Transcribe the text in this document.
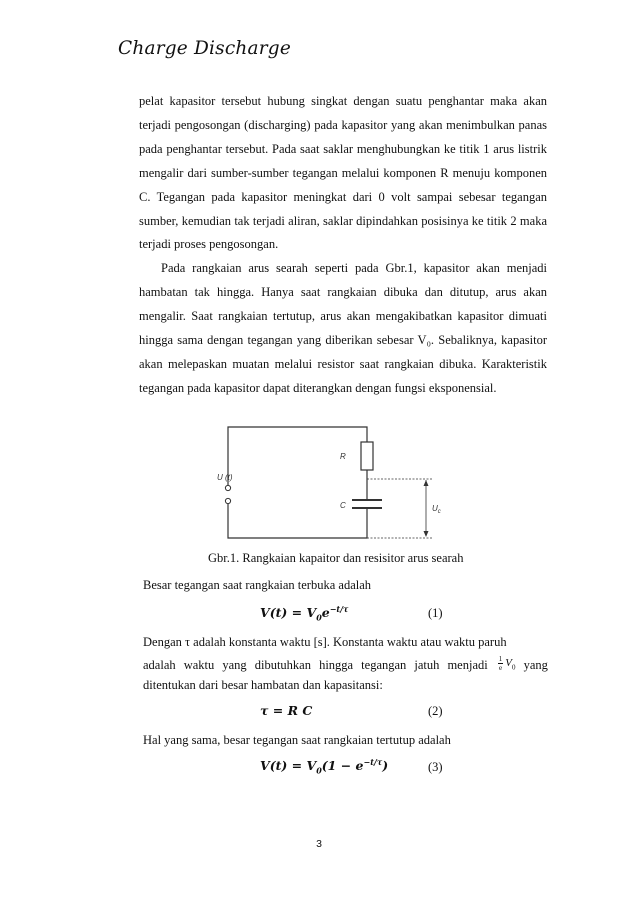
Charge Discharge

pelat kapasitor tersebut hubung singkat dengan suatu penghantar maka akan terjadi pengosongan (discharging) pada kapasitor yang akan menimbulkan panas pada penghantar tersebut. Pada saat saklar menghubungkan ke titik 1 arus listrik mengalir dari sumber-sumber tegangan melalui komponen R menuju komponen C. Tegangan pada kapasitor meningkat dari 0 volt sampai sebesar tegangan sumber, kemudian tak terjadi aliran, saklar dipindahkan posisinya ke titik 2 maka terjadi proses pengosongan.

Pada rangkaian arus searah seperti pada Gbr.1, kapasitor akan menjadi hambatan tak hingga. Hanya saat rangkaian dibuka dan ditutup, arus akan mengalir. Saat rangkaian tertutup, arus akan mengakibatkan kapasitor dimuati hingga sama dengan tegangan yang diberikan sebesar V₀. Sebaliknya, kapasitor akan melepaskan muatan melalui resistor saat rangkaian dibuka. Karakteristik tegangan pada kapasitor dapat diterangkan dengan fungsi eksponensial.

R
C
U (t)
$U_c$
Gbr.1. Rangkaian kapaitor dan resisitor arus searah
Besar tegangan saat rangkaian terbuka adalah
$V(t) = V_0e^{-t/\tau}$	(1)
Dengan τ adalah konstanta waktu [s]. Konstanta waktu atau waktu paruh
adalah waktu yang dibutuhkan hingga tegangan jatuh menjadi $\frac{1}{e} V_0$ yang
ditentukan dari besar hambatan dan kapasitansi:
τ = R C	(2)
Hal yang sama, besar tegangan saat rangkaian tertutup adalah
$V(t) = V_0(1 - e^{-t/\tau})$	(3)
3
